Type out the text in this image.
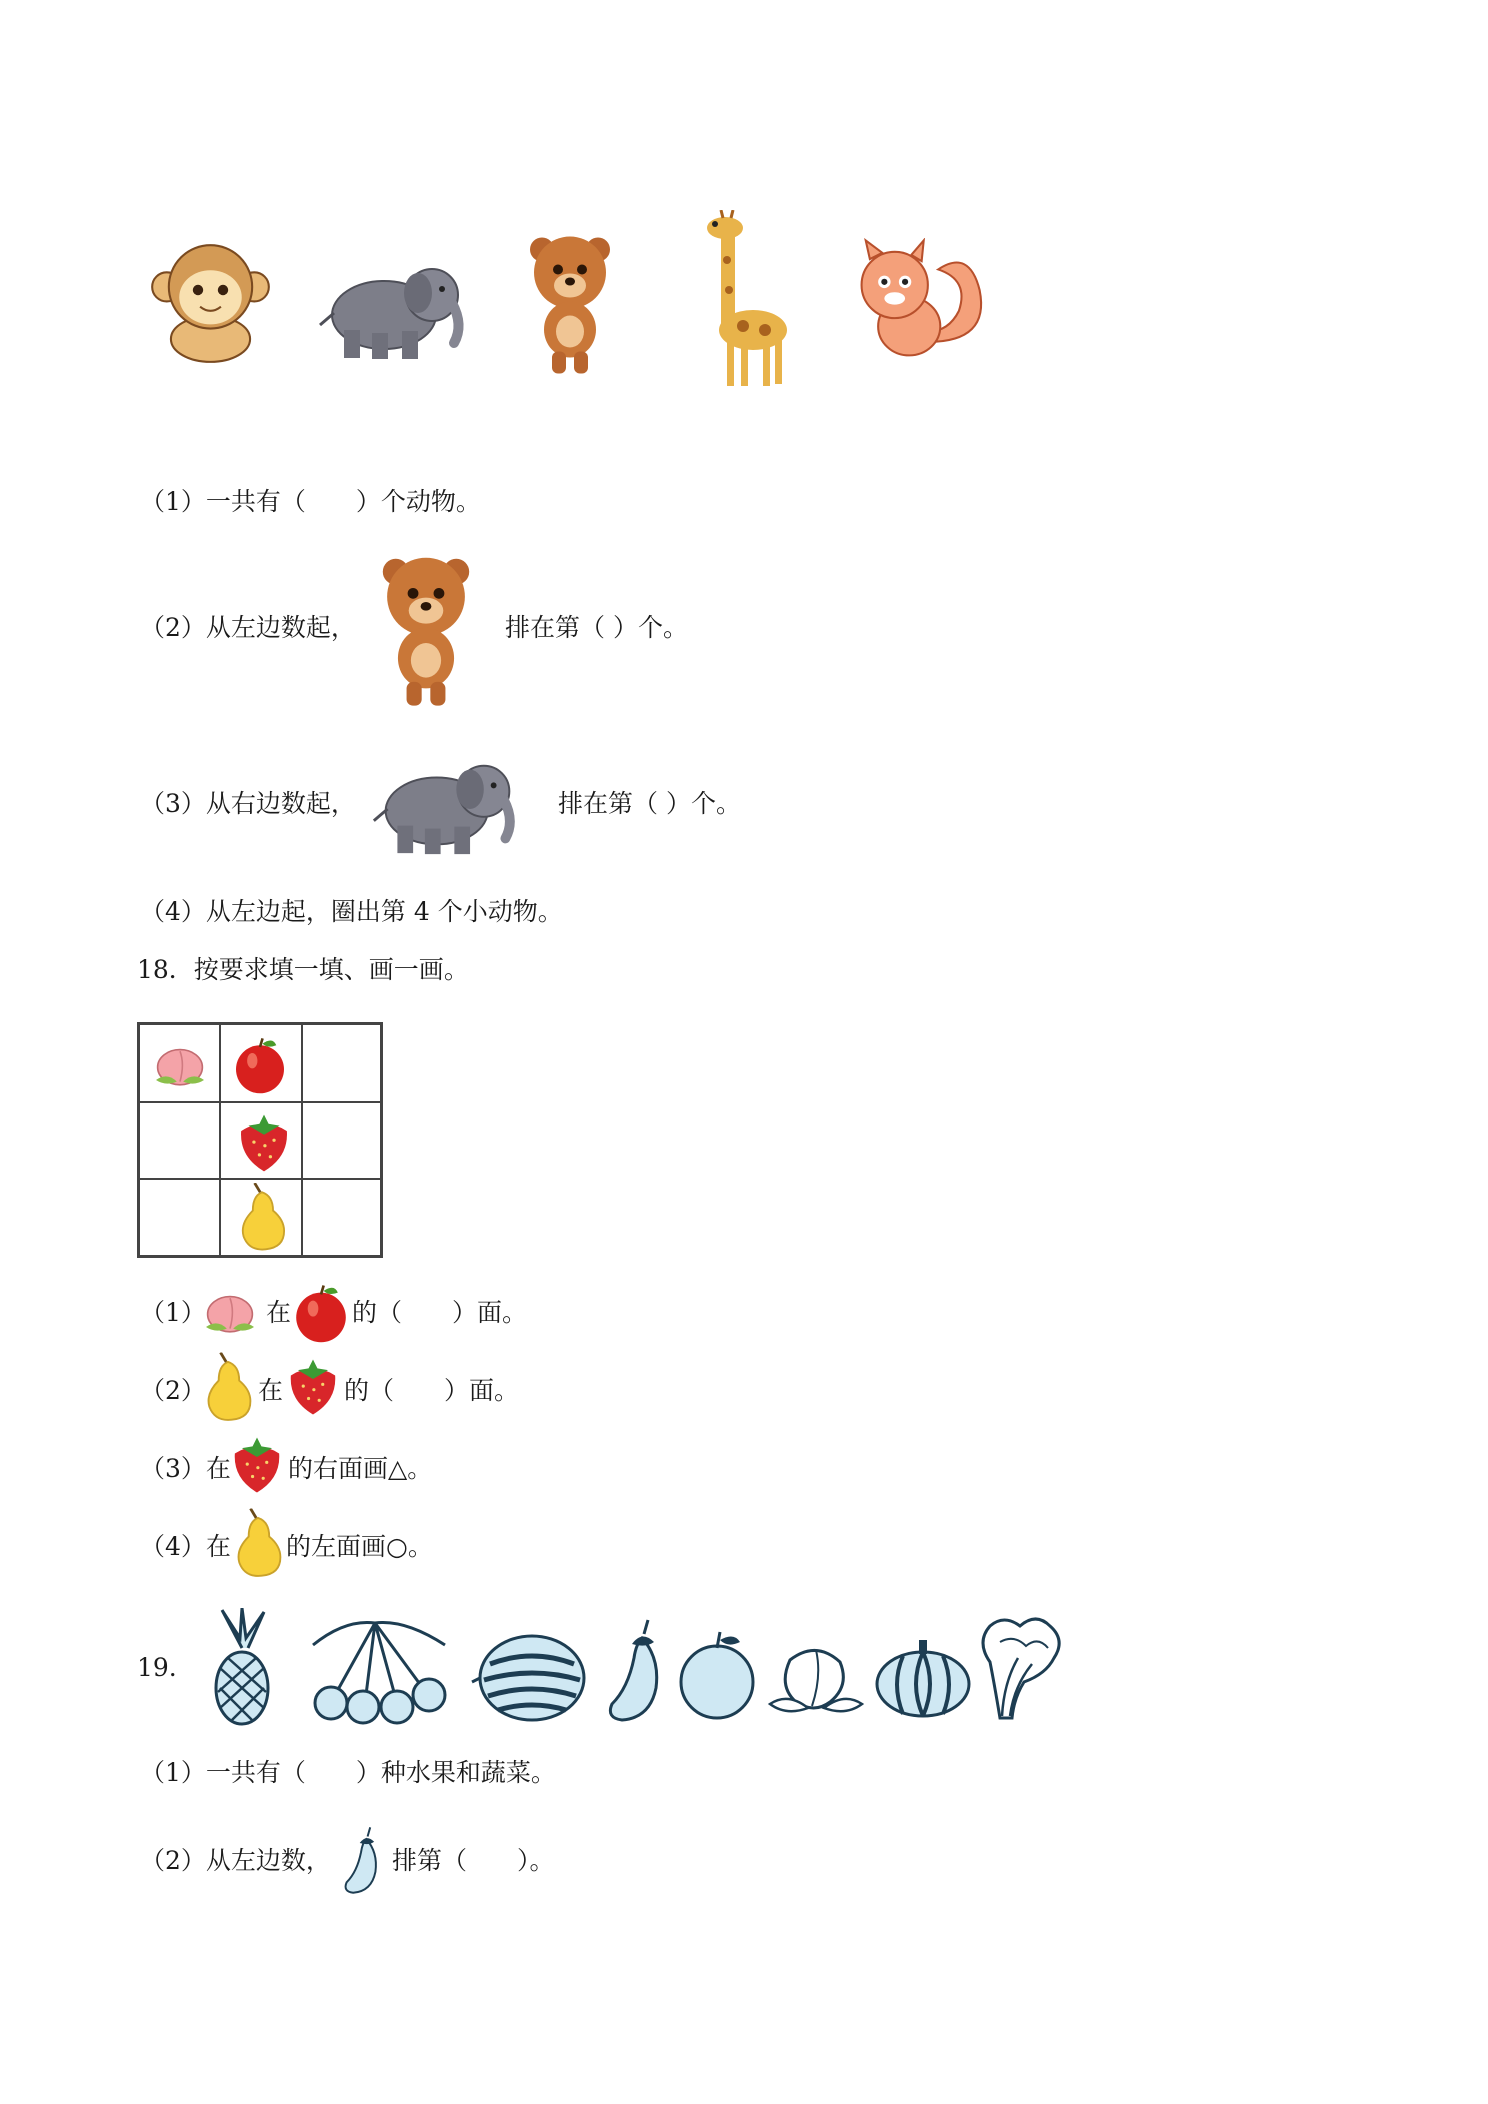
（1）一共有（　　）个动物。
（2）从左边数起，	排在第（ ）个。
（3）从右边数起，	排在第（ ）个。
（4）从左边起，圈出第 4 个小动物。
18．按要求填一填、画一画。
（1） 在 的（　　）面。
（2） 在 的（　　）面。
（3）在 的右面画△。
（4）在 的左面画○。
19.
（1）一共有（　　）种水果和蔬菜。
（2）从左边数， 排第（　　）。
